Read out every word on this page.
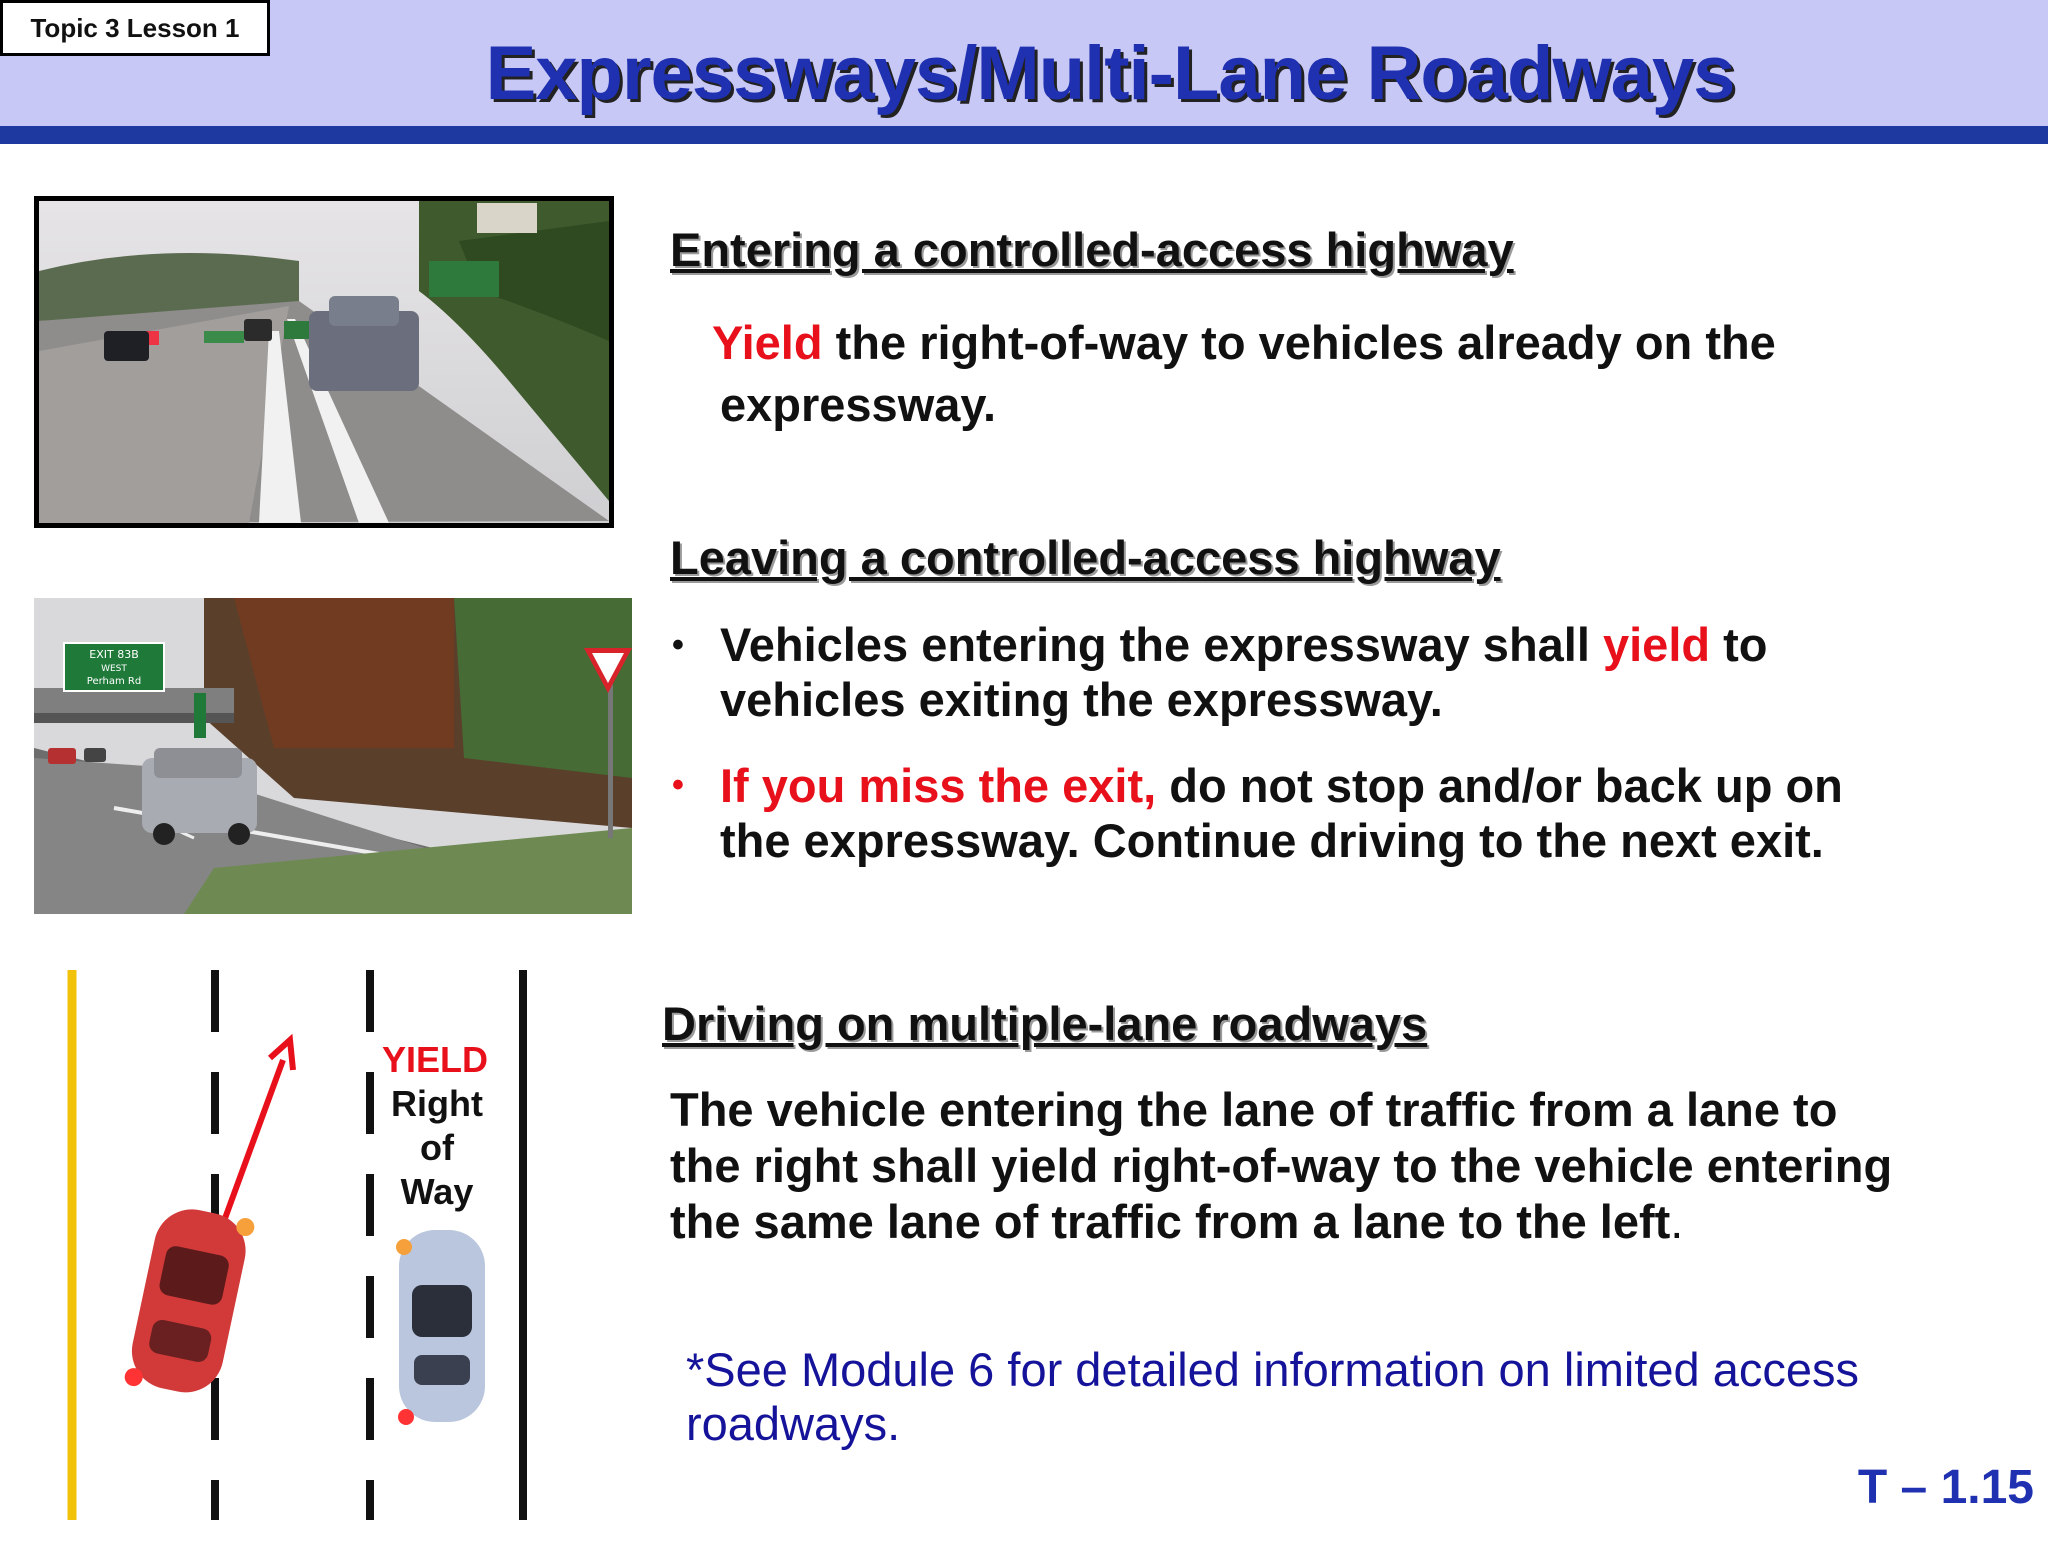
Topic 3 Lesson 1
Expressways/Multi-Lane Roadways
EXIT 83B
WEST
Perham Rd
Entering a controlled-access highway
Yield the right-of-way to vehicles already on the
expressway.
Leaving a controlled-access highway
• Vehicles entering the expressway shall yield to
vehicles exiting the expressway.
• If you miss the exit, do not stop and/or back up on
the expressway. Continue driving to the next exit.
Driving on multiple-lane roadways
The vehicle entering the lane of traffic from a lane to
the right shall yield right-of-way to the vehicle entering
the same lane of traffic from a lane to the left.
YIELD
Right
of
Way
*See Module 6 for detailed information on limited access
roadways.
T – 1.15
